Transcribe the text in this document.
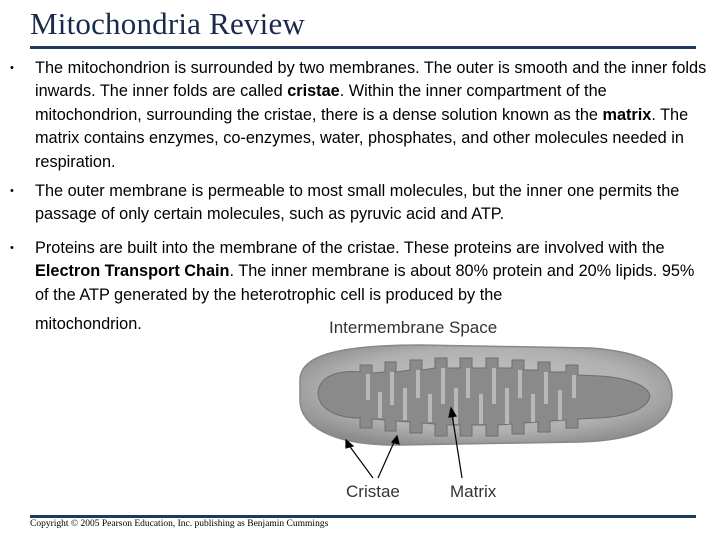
Mitochondria Review
• The mitochondrion is surrounded by two membranes. The outer is smooth and the inner folds inwards. The inner folds are called cristae. Within the inner compartment of the mitochondrion, surrounding the cristae, there is a dense solution known as the matrix. The matrix contains enzymes, co-enzymes, water, phosphates, and other molecules needed in respiration.
• The outer membrane is permeable to most small molecules, but the inner one permits the passage of only certain molecules, such as pyruvic acid and ATP.
• Proteins are built into the membrane of the cristae. These proteins are involved with the Electron Transport Chain. The inner membrane is about 80% protein and 20% lipids. 95% of the ATP generated by the heterotrophic cell is produced by the
mitochondrion.	Intermembrane Space
Cristae	Matrix
Copyright © 2005 Pearson Education, Inc. publishing as Benjamin Cummings
